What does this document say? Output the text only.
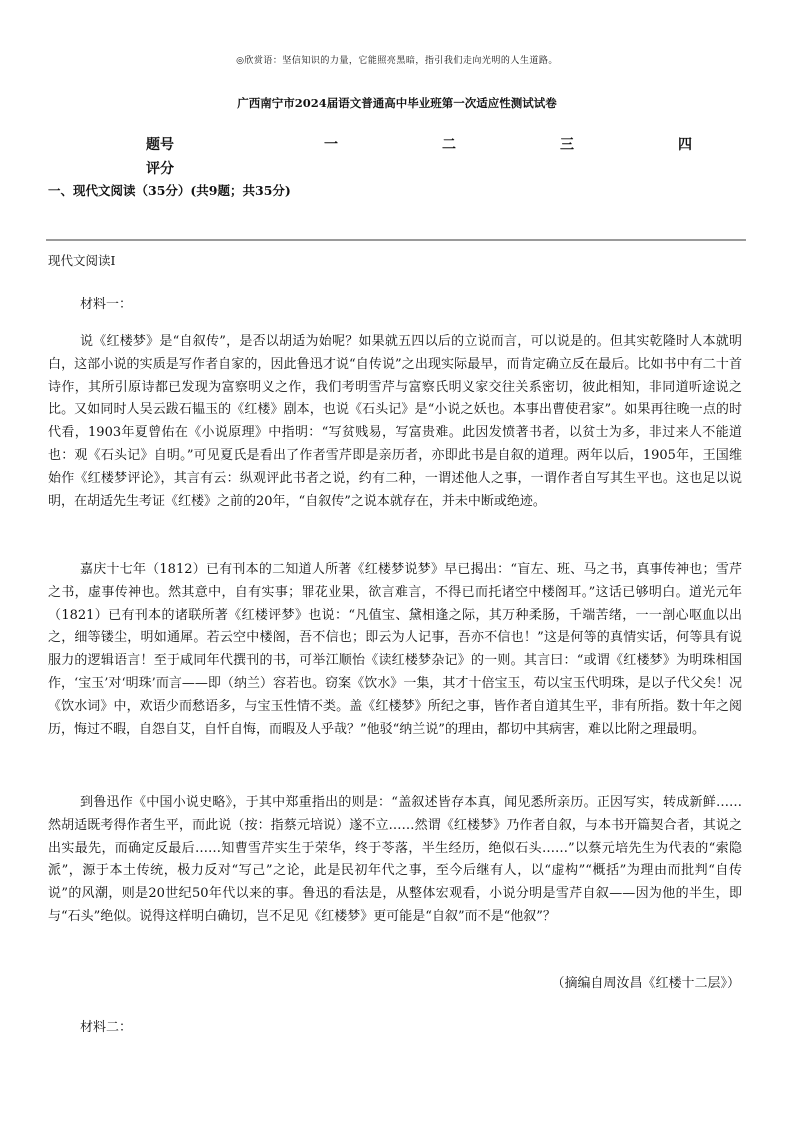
◎欣赏语：坚信知识的力量，它能照亮黑暗，指引我们走向光明的人生道路。
广西南宁市2024届语文普通高中毕业班第一次适应性测试试卷
题号	一	二	三	四
评分
一、现代文阅读（35分）(共9题；共35分)
现代文阅读Ⅰ
材料一：

说《红楼梦》是“自叙传”，是否以胡适为始呢？如果就五四以后的立说而言，可以说是的。但其实乾隆时人本就明白，这部小说的实质是写作者自家的，因此鲁迅才说“自传说”之出现实际最早，而肯定确立反在最后。比如书中有二十首诗作，其所引原诗都已发现为富察明义之作，我们考明雪芹与富察氏明义家交往关系密切，彼此相知，非同道听途说之比。又如同时人吴云跋石韫玉的《红楼》剧本，也说《石头记》是“小说之妖也。本事出曹使君家”。如果再往晚一点的时代看，1903年夏曾佑在《小说原理》中指明：“写贫贱易，写富贵难。此因发愤著书者，以贫士为多，非过来人不能道也：观《石头记》自明。”可见夏氏是看出了作者雪芹即是亲历者，亦即此书是自叙的道理。两年以后，1905年，王国维始作《红楼梦评论》，其言有云：纵观评此书者之说，约有二种，一谓述他人之事，一谓作者自写其生平也。这也足以说明，在胡适先生考证《红楼》之前的20年，“自叙传”之说本就存在，并未中断或绝迹。

嘉庆十七年（1812）已有刊本的二知道人所著《红楼梦说梦》早已揭出：“盲左、班、马之书，真事传神也；雪芹之书，虚事传神也。然其意中，自有实事；罪花业果，欲言难言，不得已而托诸空中楼阁耳。”这话已够明白。道光元年（1821）已有刊本的诸联所著《红楼评梦》也说：“凡值宝、黛相逢之际，其万种柔肠，千端苦绪，一一剖心呕血以出之，细等镂尘，明如通犀。若云空中楼阁，吾不信也；即云为人记事，吾亦不信也！”这是何等的真情实话，何等具有说服力的逻辑语言！至于咸同年代撰刊的书，可举江顺怡《读红楼梦杂记》的一则。其言曰：“或谓《红楼梦》为明珠相国作，‘宝玉’对‘明珠’而言——即（纳兰）容若也。窃案《饮水》一集，其才十倍宝玉，苟以宝玉代明珠，是以子代父矣！况《饮水词》中，欢语少而愁语多，与宝玉性情不类。盖《红楼梦》所纪之事，皆作者自道其生平，非有所指。数十年之阅历，悔过不暇，自怨自艾，自忏自悔，而暇及人乎哉？”他驳“纳兰说”的理由，都切中其病害，难以比附之理最明。

到鲁迅作《中国小说史略》，于其中郑重指出的则是：“盖叙述皆存本真，闻见悉所亲历。正因写实，转成新鲜……然胡适既考得作者生平，而此说（按：指蔡元培说）遂不立……然谓《红楼梦》乃作者自叙，与本书开篇契合者，其说之出实最先，而确定反最后……知曹雪芹实生于荣华，终于苓落，半生经历，绝似石头……”以蔡元培先生为代表的“索隐派”，源于本土传统，极力反对“写己”之论，此是民初年代之事，至今后继有人，以“虚构”“概括”为理由而批判“自传说”的风潮，则是20世纪50年代以来的事。鲁迅的看法是，从整体宏观看，小说分明是雪芹自叙——因为他的半生，即与“石头”绝似。说得这样明白确切，岂不足见《红楼梦》更可能是“自叙”而不是“他叙”？

（摘编自周汝昌《红楼十二层》）
材料二：
